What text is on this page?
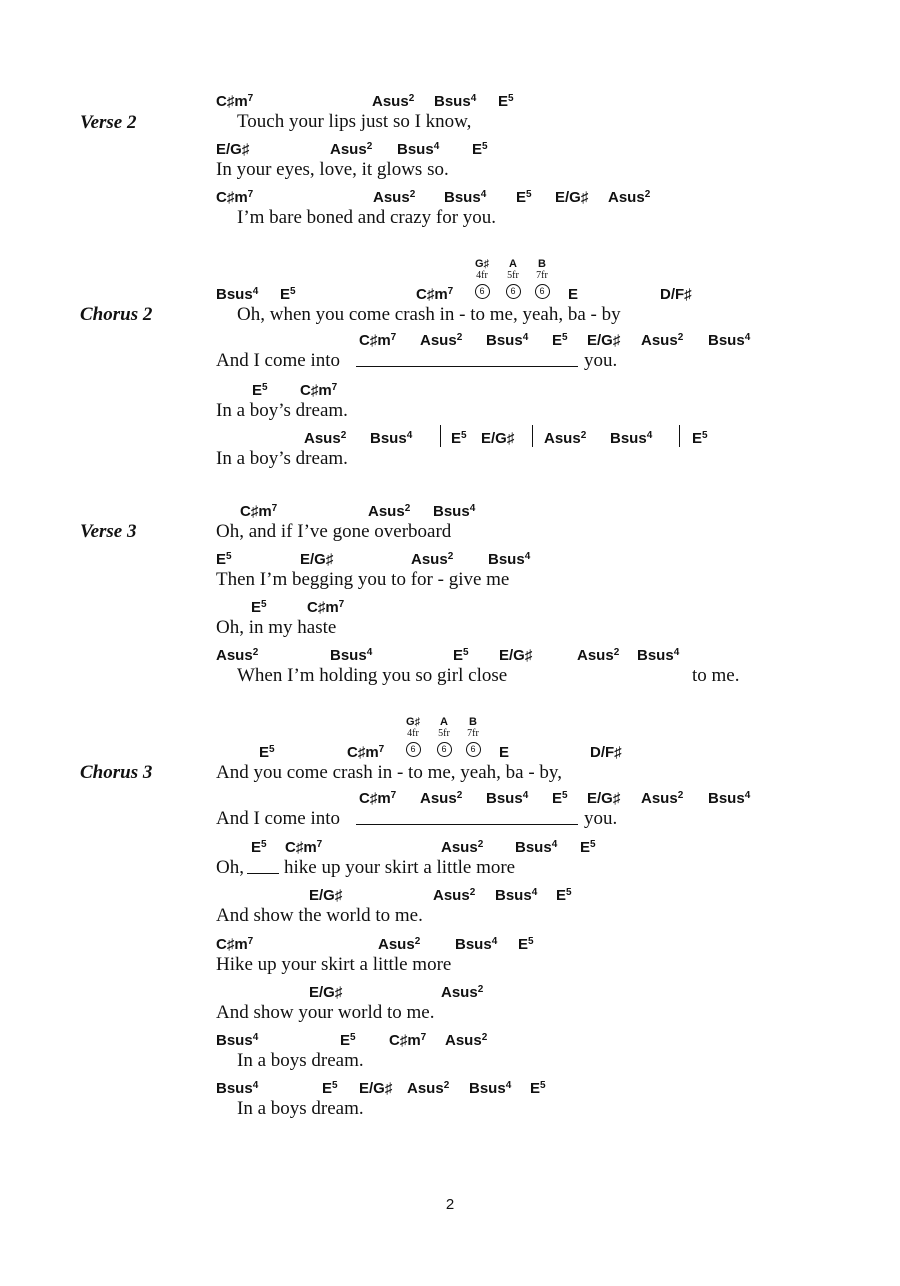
Verse 2
$C♯m^7$	Asus$^2$ Bsus$^4$ $E^5$
Touch your lips just so I know,
E/G♯	Asus$^2$ Bsus$^4$ $E^5$
In your eyes, love, it glows so.
$C♯m^7$	Asus$^2$ Bsus$^4$ $E^5$ E/G♯ Asus$^2$
I’m bare boned and crazy for you.
Chorus 2
Bsus$^4$ $E^5$	$C♯m^7$	E	D/F♯
Oh, when you come crash in - to me, yeah, ba - by
G♯
4fr
6
A
5fr
6
B
7fr
6
$C♯m^7$ Asus$^2$ Bsus$^4$ $E^5$ E/G♯ Asus$^2$ Bsus$^4$
And I come into	you.
$E^5$ $C♯m^7$
In a boy’s dream.
Asus$^2$ Bsus$^4$	$E^5$ E/G♯ Asus$^2$ Bsus$^4$	$E^5$
In a boy’s dream.
Verse 3
$C♯m^7$	Asus$^2$ Bsus$^4$
Oh, and if I’ve gone overboard
$E^5$	E/G♯	Asus$^2$ Bsus$^4$
Then I’m begging you to for - give me
$E^5$	$C♯m^7$
Oh, in my haste
Asus$^2$	Bsus$^4$	$E^5$ E/G♯	Asus$^2$ Bsus$^4$
When I’m holding you so girl close	to me.
Chorus 3
$E^5$	$C♯m^7$	E	D/F♯
And you come crash in - to me, yeah, ba - by,
G♯
4fr
6
A
5fr
6
B
7fr
6
$C♯m^7$ Asus$^2$ Bsus$^4$ $E^5$ E/G♯ Asus$^2$ Bsus$^4$
And I come into	you.
$E^5$ $C♯m^7$	Asus$^2$ Bsus$^4$ $E^5$
Oh, hike up your skirt a little more
E/G♯	Asus$^2$ Bsus$^4$ $E^5$
And show the world to me.
$C♯m^7$	Asus$^2$ Bsus$^4$ $E^5$
Hike up your skirt a little more
E/G♯	Asus$^2$
And show your world to me.
Bsus$^4$	$E^5$ $C♯m^7$ Asus$^2$
In a boys dream.
Bsus$^4$	$E^5$ E/G♯ Asus$^2$ Bsus$^4$ $E^5$
In a boys dream.
2
